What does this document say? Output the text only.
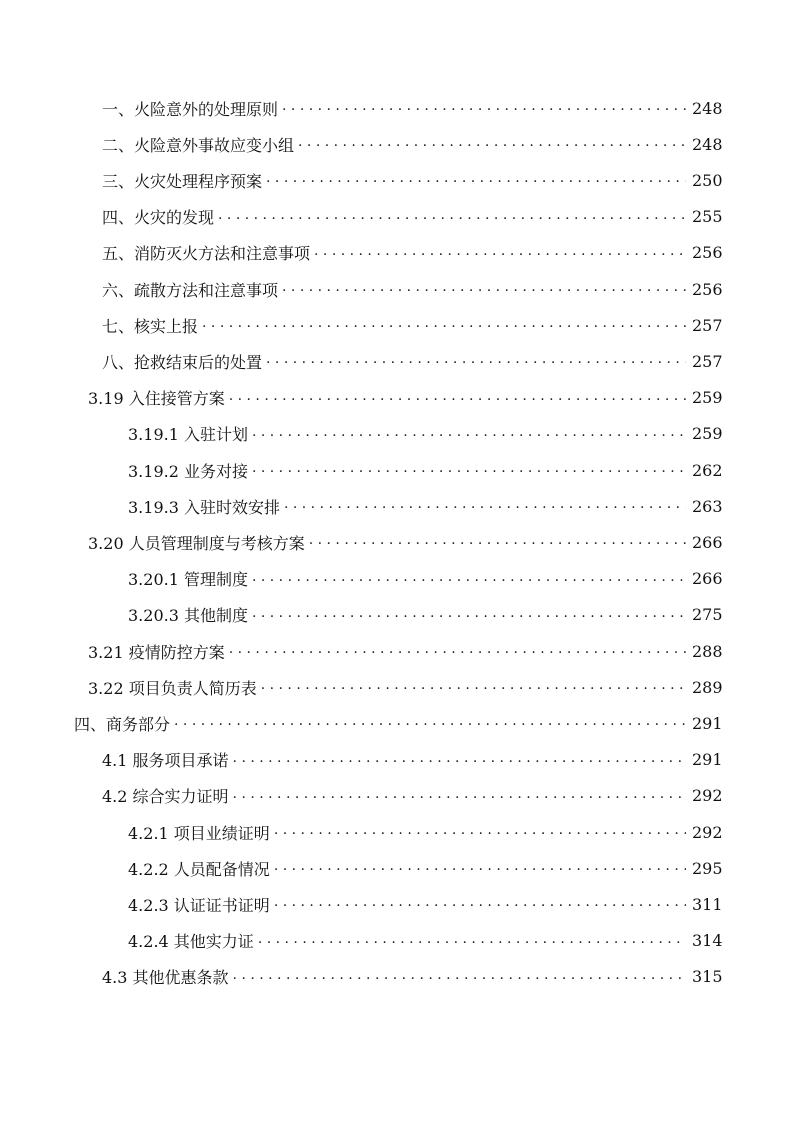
一、火险意外的处理原则 . . .	248
二、火险意外事故应变小组 . . .	248
三、火灾处理程序预案 . . .	250
四、火灾的发现 . . .	255
五、消防灭火方法和注意事项 . . .	256
六、疏散方法和注意事项 . . .	256
七、核实上报 . . .	257
八、抢救结束后的处置 . . .	257
3.19 入住接管方案 . . .	259
3.19.1 入驻计划 . . .	259
3.19.2 业务对接 . . .	262
3.19.3 入驻时效安排 . . .	263
3.20 人员管理制度与考核方案 . . .	266
3.20.1 管理制度 . . .	266
3.20.3 其他制度 . . .	275
3.21 疫情防控方案 . . .	288
3.22 项目负责人简历表 . . .	289
四、商务部分 . . .	291
4.1 服务项目承诺 . . .	291
4.2 综合实力证明 . . .	292
4.2.1 项目业绩证明 . . .	292
4.2.2 人员配备情况 . . .	295
4.2.3 认证证书证明 . . .	311
4.2.4 其他实力证 . . .	314
4.3 其他优惠条款 . . .	315
